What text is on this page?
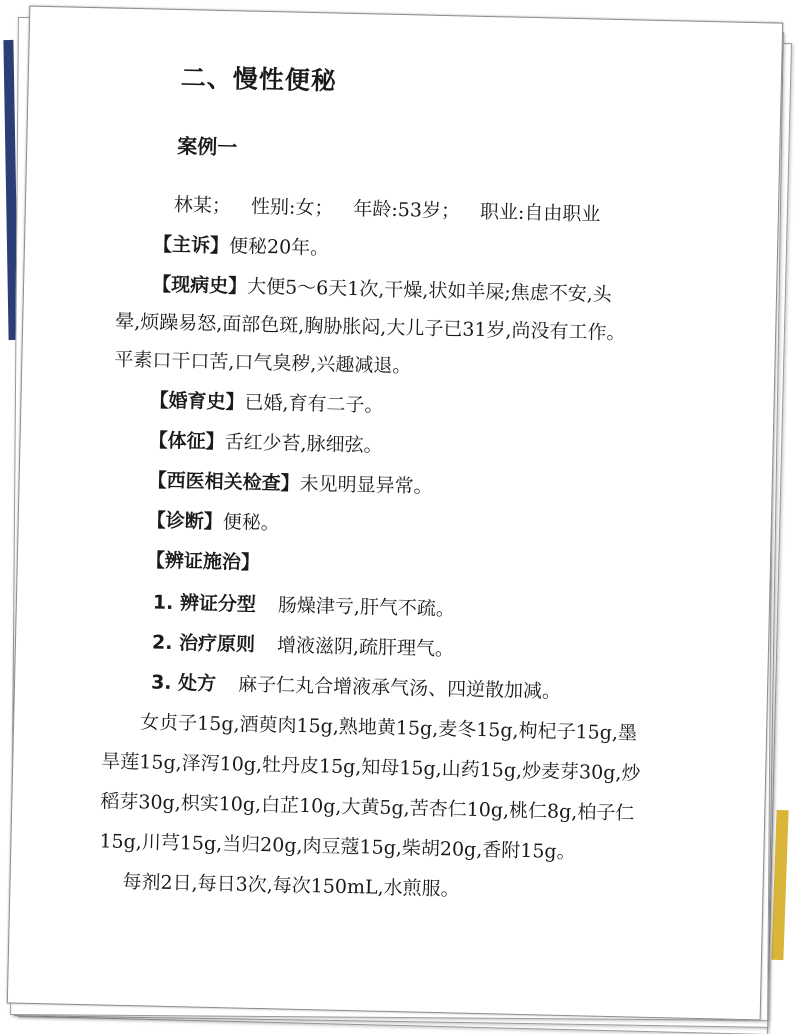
二、慢性便秘
案例一
林某； 性别:女； 年龄:53岁； 职业:自由职业
【主诉】便秘20年。
【现病史】大便5～6天1次,干燥,状如羊屎;焦虑不安,头
晕,烦躁易怒,面部色斑,胸胁胀闷,大儿子已31岁,尚没有工作。
平素口干口苦,口气臭秽,兴趣减退。
【婚育史】已婚,育有二子。
【体征】舌红少苔,脉细弦。
【西医相关检查】未见明显异常。
【诊断】便秘。
【辨证施治】
1. 辨证分型 肠燥津亏,肝气不疏。
2. 治疗原则 增液滋阴,疏肝理气。
3. 处方 麻子仁丸合增液承气汤、四逆散加减。
女贞子15g,酒萸肉15g,熟地黄15g,麦冬15g,枸杞子15g,墨
旱莲15g,泽泻10g,牡丹皮15g,知母15g,山药15g,炒麦芽30g,炒
稻芽30g,枳实10g,白芷10g,大黄5g,苦杏仁10g,桃仁8g,柏子仁
15g,川芎15g,当归20g,肉豆蔻15g,柴胡20g,香附15g。
每剂2日,每日3次,每次150mL,水煎服。
